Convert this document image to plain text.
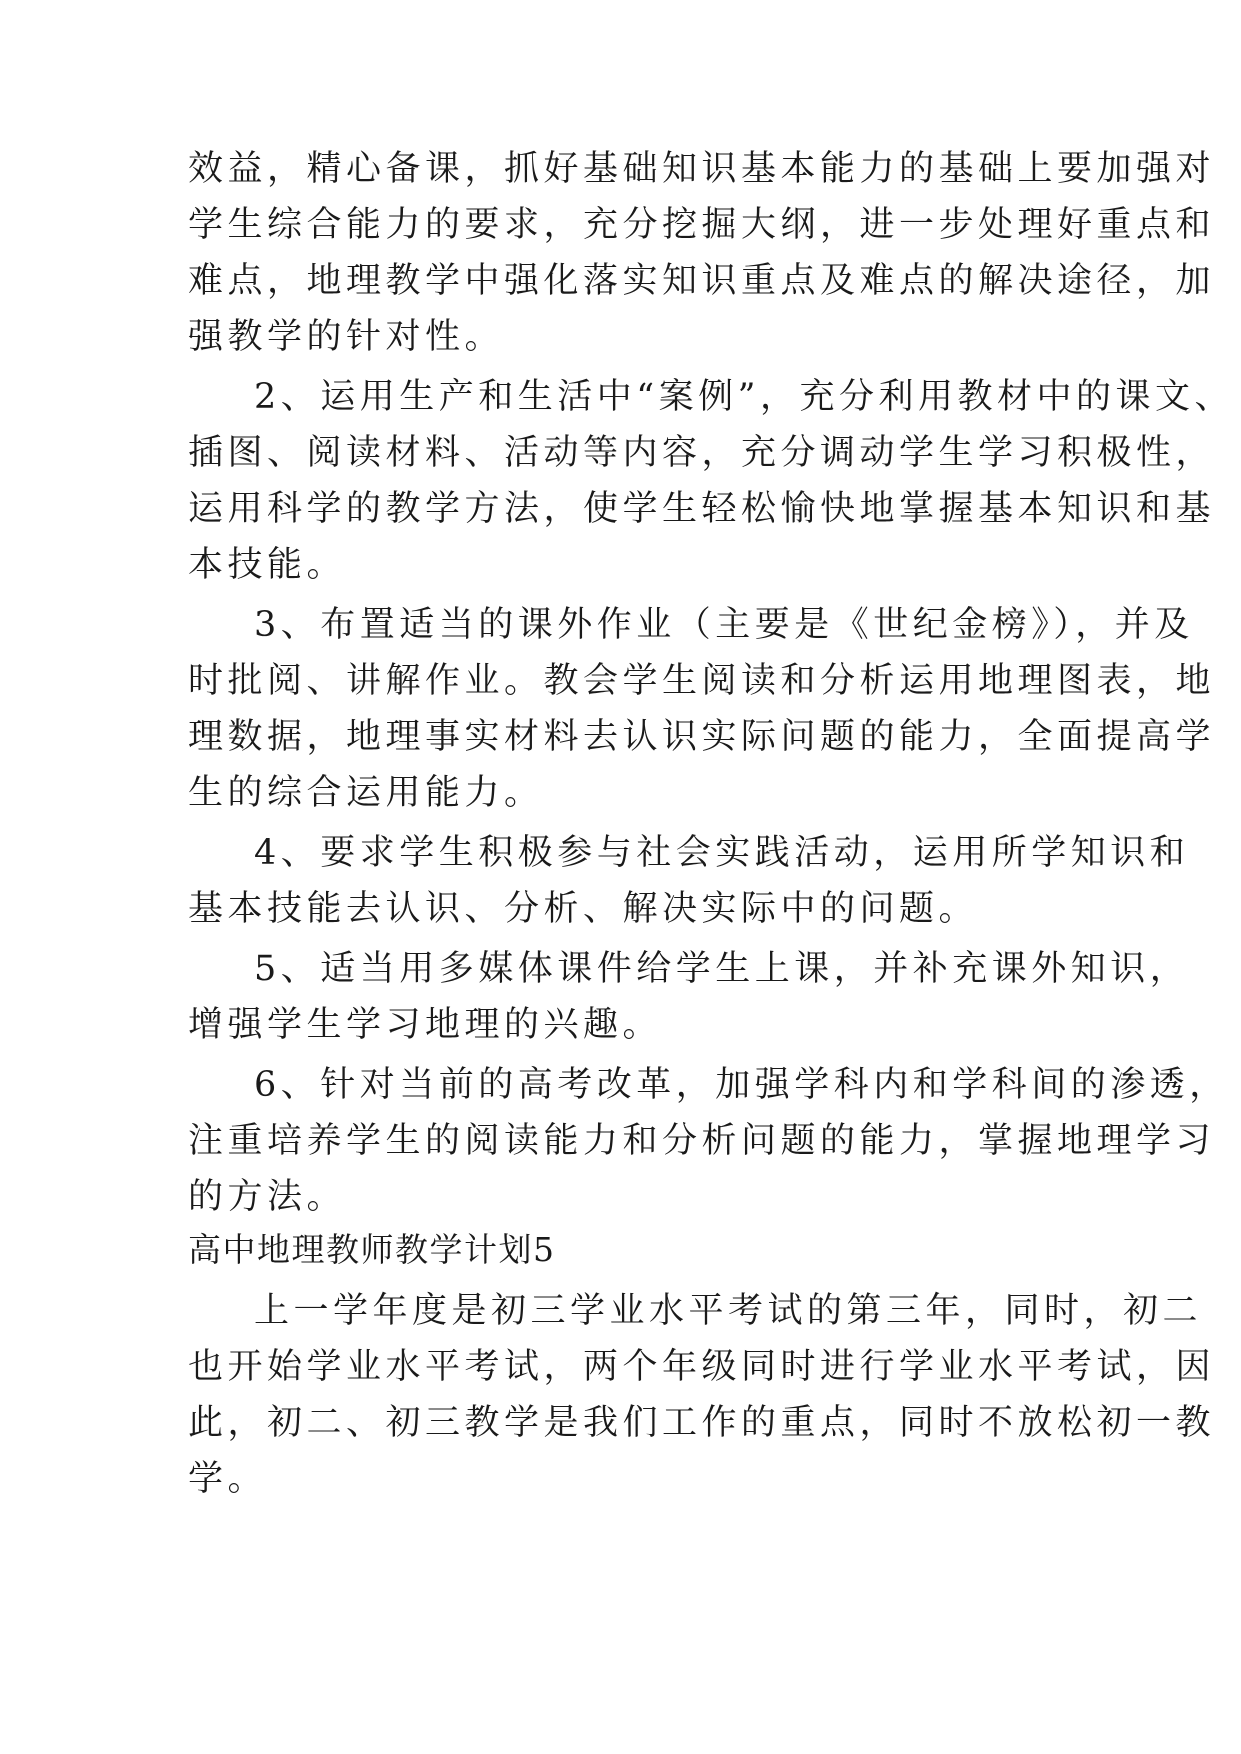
效益，精心备课，抓好基础知识基本能力的基础上要加强对
学生综合能力的要求，充分挖掘大纲，进一步处理好重点和
难点，地理教学中强化落实知识重点及难点的解决途径，加
强教学的针对性。
2、运用生产和生活中“案例”，充分利用教材中的课文、
插图、阅读材料、活动等内容，充分调动学生学习积极性，
运用科学的教学方法，使学生轻松愉快地掌握基本知识和基
本技能。
3、布置适当的课外作业（主要是《世纪金榜》），并及
时批阅、讲解作业。教会学生阅读和分析运用地理图表，地
理数据，地理事实材料去认识实际问题的能力，全面提高学
生的综合运用能力。
4、要求学生积极参与社会实践活动，运用所学知识和
基本技能去认识、分析、解决实际中的问题。
5、适当用多媒体课件给学生上课，并补充课外知识，
增强学生学习地理的兴趣。
6、针对当前的高考改革，加强学科内和学科间的渗透，
注重培养学生的阅读能力和分析问题的能力，掌握地理学习
的方法。
高中地理教师教学计划5
上一学年度是初三学业水平考试的第三年，同时，初二
也开始学业水平考试，两个年级同时进行学业水平考试，因
此，初二、初三教学是我们工作的重点，同时不放松初一教
学。
